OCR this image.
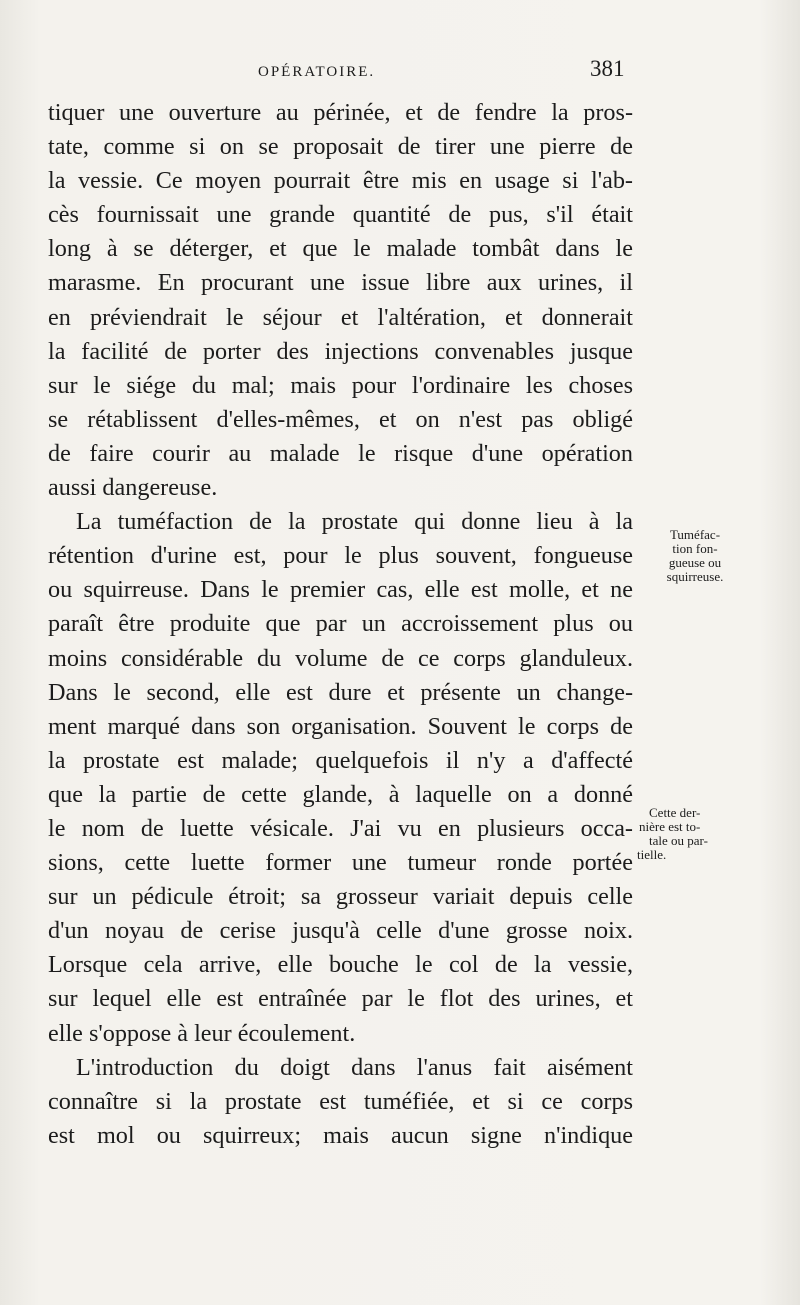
OPÉRATOIRE.	381
tiquer une ouverture au périnée, et de fendre la pros-
tate, comme si on se proposait de tirer une pierre de
la vessie. Ce moyen pourrait être mis en usage si l'ab-
cès fournissait une grande quantité de pus, s'il était
long à se déterger, et que le malade tombât dans le
marasme. En procurant une issue libre aux urines, il
en préviendrait le séjour et l'altération, et donnerait
la facilité de porter des injections convenables jusque
sur le siége du mal; mais pour l'ordinaire les choses
se rétablissent d'elles-mêmes, et on n'est pas obligé
de faire courir au malade le risque d'une opération
aussi dangereuse.
La tuméfaction de la prostate qui donne lieu à la
rétention d'urine est, pour le plus souvent, fongueuse
ou squirreuse. Dans le premier cas, elle est molle, et ne
paraît être produite que par un accroissement plus ou
moins considérable du volume de ce corps glanduleux.
Dans le second, elle est dure et présente un change-
ment marqué dans son organisation. Souvent le corps de
la prostate est malade; quelquefois il n'y a d'affecté
que la partie de cette glande, à laquelle on a donné
le nom de luette vésicale. J'ai vu en plusieurs occa-
sions, cette luette former une tumeur ronde portée
sur un pédicule étroit; sa grosseur variait depuis celle
d'un noyau de cerise jusqu'à celle d'une grosse noix.
Lorsque cela arrive, elle bouche le col de la vessie,
sur lequel elle est entraînée par le flot des urines, et
elle s'oppose à leur écoulement.
L'introduction du doigt dans l'anus fait aisément
connaître si la prostate est tuméfiée, et si ce corps
est mol ou squirreux; mais aucun signe n'indique
Tuméfac-
tion fon-
gueuse ou
squirreuse.
Cette der-
nière est to-
tale ou par-
tielle.
